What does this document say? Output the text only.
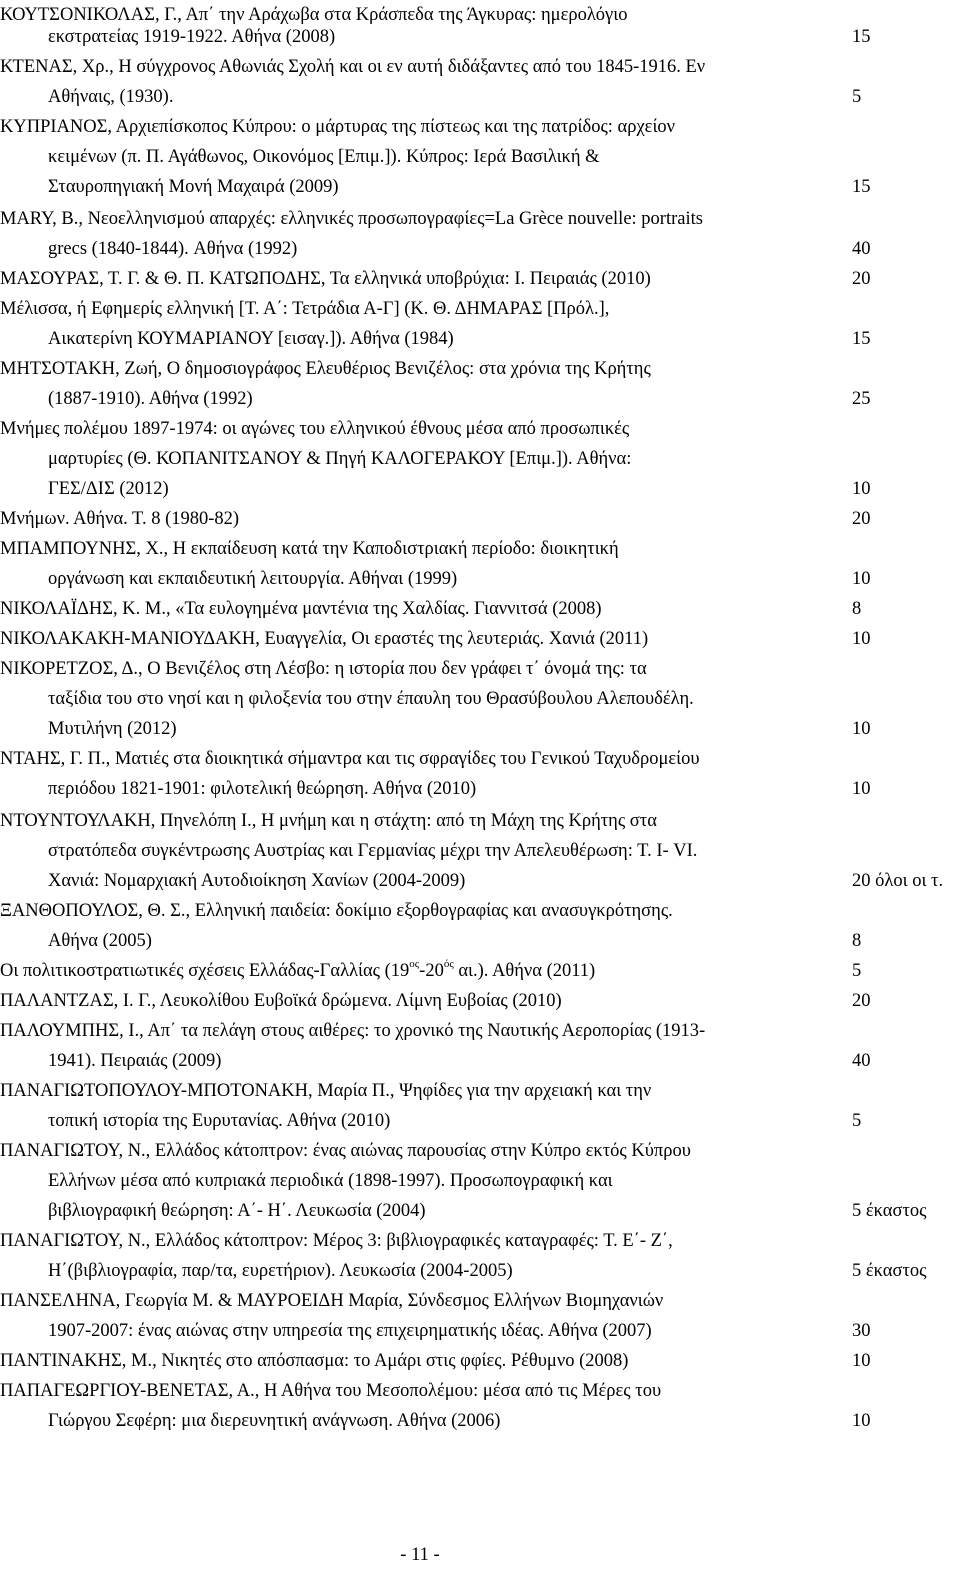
ΚΟΥΤΣΟΝΙΚΟΛΑΣ, Γ., Απ΄ την Αράχωβα στα Κράσπεδα της Άγκυρας: ημερολόγιο
εκστρατείας 1919-1922. Αθήνα (2008)	15
ΚΤΕΝΑΣ, Χρ., Η σύγχρονος Αθωνιάς Σχολή και οι εν αυτή διδάξαντες από του 1845-1916. Εν
Αθήναις, (1930).	5
ΚΥΠΡΙΑΝΟΣ, Αρχιεπίσκοπος Κύπρου: ο μάρτυρας της πίστεως και της πατρίδος: αρχείον
κειμένων (π. Π. Αγάθωνος, Οικονόμος [Επιμ.]). Κύπρος: Ιερά Βασιλική &
Σταυροπηγιακή Μονή Μαχαιρά (2009)	15
MARY, B., Νεοελληνισμού απαρχές: ελληνικές προσωπογραφίες=La Grèce nouvelle: portraits
grecs (1840-1844). Αθήνα (1992)	40
ΜΑΣΟΥΡΑΣ, Τ. Γ. & Θ. Π. ΚΑΤΩΠΟΔΗΣ, Τα ελληνικά υποβρύχια: Ι. Πειραιάς (2010)	20
Μέλισσα, ή Εφημερίς ελληνική [Τ. Α΄: Τετράδια Α-Γ] (Κ. Θ. ΔΗΜΑΡΑΣ [Πρόλ.],
Αικατερίνη ΚΟΥΜΑΡΙΑΝΟΥ [εισαγ.]). Αθήνα (1984)	15
ΜΗΤΣΟΤΑΚΗ, Ζωή, Ο δημοσιογράφος Ελευθέριος Βενιζέλος: στα χρόνια της Κρήτης
(1887-1910). Αθήνα (1992)	25
Μνήμες πολέμου 1897-1974: οι αγώνες του ελληνικού έθνους μέσα από προσωπικές
μαρτυρίες (Θ. ΚΟΠΑΝΙΤΣΑΝΟΥ & Πηγή ΚΑΛΟΓΕΡΑΚΟΥ [Επιμ.]). Αθήνα:
ΓΕΣ/ΔΙΣ (2012)	10
Μνήμων. Αθήνα. Τ. 8 (1980-82)	20
ΜΠΑΜΠΟΥΝΗΣ, Χ., Η εκπαίδευση κατά την Καποδιστριακή περίοδο: διοικητική
οργάνωση και εκπαιδευτική λειτουργία. Αθήναι (1999)	10
ΝΙΚΟΛΑΪΔΗΣ, Κ. Μ., «Τα ευλογημένα μαντένια της Χαλδίας. Γιαννιτσά (2008)	8
ΝΙΚΟΛΑΚΑΚΗ-ΜΑΝΙΟΥΔΑΚΗ, Ευαγγελία, Οι εραστές της λευτεριάς. Χανιά (2011)	10
ΝΙΚΟΡΕΤΖΟΣ, Δ., Ο Βενιζέλος στη Λέσβο: η ιστορία που δεν γράφει τ΄ όνομά της: τα
ταξίδια του στο νησί και η φιλοξενία του στην έπαυλη του Θρασύβουλου Αλεπουδέλη.
Μυτιλήνη (2012)	10
ΝΤΑΗΣ, Γ. Π., Ματιές στα διοικητικά σήμαντρα και τις σφραγίδες του Γενικού Ταχυδρομείου
περιόδου 1821-1901: φιλοτελική θεώρηση. Αθήνα (2010)	10
ΝΤΟΥΝΤΟΥΛΑΚΗ, Πηνελόπη Ι., Η μνήμη και η στάχτη: από τη Μάχη της Κρήτης στα
στρατόπεδα συγκέντρωσης Αυστρίας και Γερμανίας μέχρι την Απελευθέρωση: Τ. Ι- VI.
Χανιά: Νομαρχιακή Αυτοδιοίκηση Χανίων (2004-2009)	20 όλοι οι τ.
ΞΑΝΘΟΠΟΥΛΟΣ, Θ. Σ., Ελληνική παιδεία: δοκίμιο εξορθογραφίας και ανασυγκρότησης.
Αθήνα (2005)	8
Οι πολιτικοστρατιωτικές σχέσεις Ελλάδας-Γαλλίας ($19^{o\varsigma}-20^{ό\varsigma}$ αι.). Αθήνα (2011)	5
ΠΑΛΑΝΤΖΑΣ, Ι. Γ., Λευκολίθου Ευβοϊκά δρώμενα. Λίμνη Ευβοίας (2010)	20
ΠΑΛΟΥΜΠΗΣ, Ι., Απ΄ τα πελάγη στους αιθέρες: το χρονικό της Ναυτικής Αεροπορίας (1913-
1941). Πειραιάς (2009)	40
ΠΑΝΑΓΙΩΤΟΠΟΥΛΟΥ-ΜΠΟΤΟΝΑΚΗ, Μαρία Π., Ψηφίδες για την αρχειακή και την
τοπική ιστορία της Ευρυτανίας. Αθήνα (2010)	5
ΠΑΝΑΓΙΩΤΟΥ, Ν., Ελλάδος κάτοπτρον: ένας αιώνας παρουσίας στην Κύπρο εκτός Κύπρου
Ελλήνων μέσα από κυπριακά περιοδικά (1898-1997). Προσωπογραφική και
βιβλιογραφική θεώρηση: Α΄- Η΄. Λευκωσία (2004)	5 έκαστος
ΠΑΝΑΓΙΩΤΟΥ, Ν., Ελλάδος κάτοπτρον: Μέρος 3: βιβλιογραφικές καταγραφές: Τ. Ε΄- Ζ΄,
Η΄(βιβλιογραφία, παρ/τα, ευρετήριον). Λευκωσία (2004-2005)	5 έκαστος
ΠΑΝΣΕΛΗΝΑ, Γεωργία Μ. & ΜΑΥΡΟΕΙΔΗ Μαρία, Σύνδεσμος Ελλήνων Βιομηχανιών
1907-2007: ένας αιώνας στην υπηρεσία της επιχειρηματικής ιδέας. Αθήνα (2007)	30
ΠΑΝΤΙΝΑΚΗΣ, Μ., Νικητές στο απόσπασμα: το Αμάρι στις φφίες. Ρέθυμνο (2008)	10
ΠΑΠΑΓΕΩΡΓΙΟΥ-ΒΕΝΕΤΑΣ, Α., Η Αθήνα του Μεσοπολέμου: μέσα από τις Μέρες του
Γιώργου Σεφέρη: μια διερευνητική ανάγνωση. Αθήνα (2006)	10
- 11 -
